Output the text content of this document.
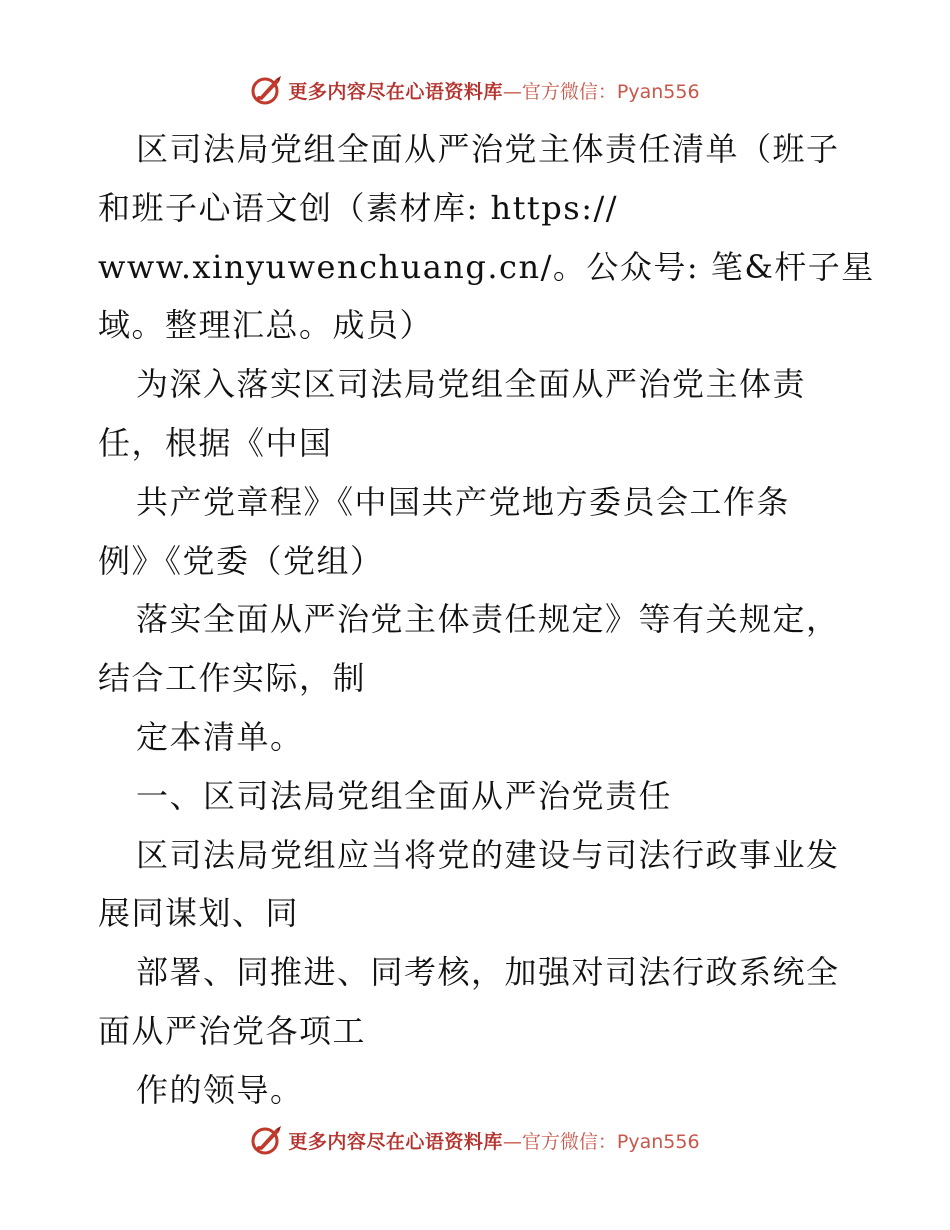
更多内容尽在心语资料库 —官方微信：Pyan556
区司法局党组全面从严治党主体责任清单（班子
和班子心语文创（素材库: https://
www.xinyuwenchuang.cn/。公众号: 笔&杆子星
域。整理汇总。成员）
为深入落实区司法局党组全面从严治党主体责
任，根据《中国
共产党章程》《中国共产党地方委员会工作条
例》《党委（党组）
落实全面从严治党主体责任规定》等有关规定，
结合工作实际，制
定本清单。
一、区司法局党组全面从严治党责任
区司法局党组应当将党的建设与司法行政事业发
展同谋划、同
部署、同推进、同考核，加强对司法行政系统全
面从严治党各项工
作的领导。
更多内容尽在心语资料库 —官方微信：Pyan556
